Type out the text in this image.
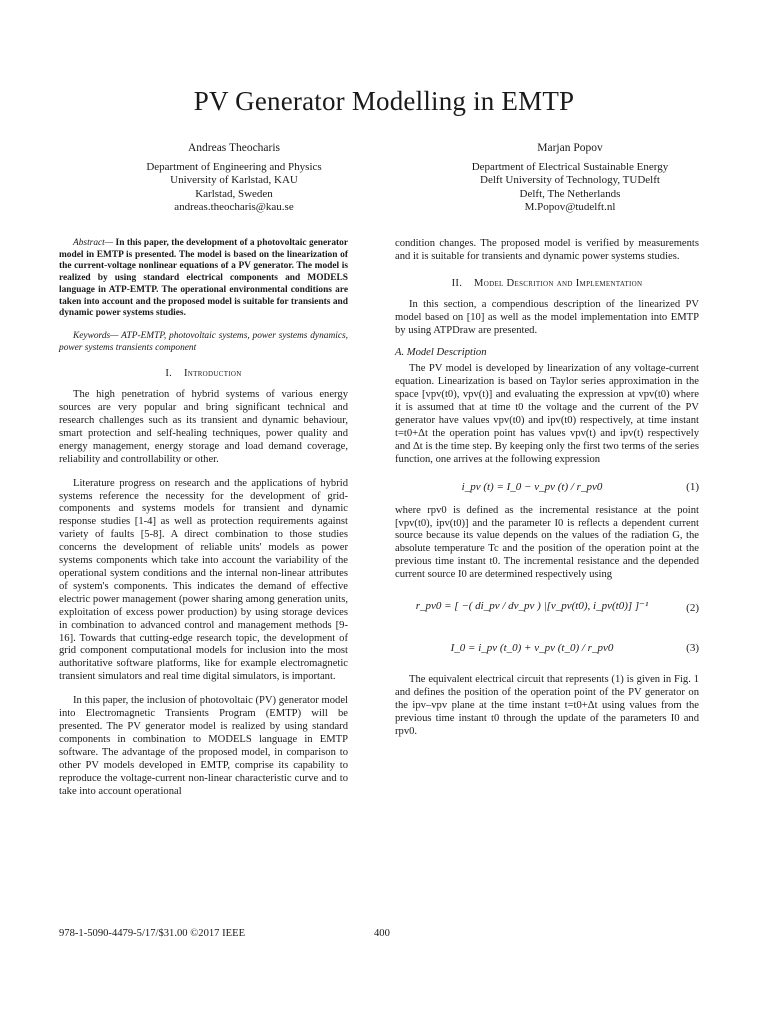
PV Generator Modelling in EMTP
Andreas Theocharis
Department of Engineering and Physics
University of Karlstad, KAU
Karlstad, Sweden
andreas.theocharis@kau.se
Marjan Popov
Department of Electrical Sustainable Energy
Delft University of Technology, TUDelft
Delft, The Netherlands
M.Popov@tudelft.nl

Abstract— In this paper, the development of a photovoltaic generator model in EMTP is presented. The model is based on the linearization of the current-voltage nonlinear equations of a PV generator. The model is realized by using standard electrical components and MODELS language in ATP-EMTP. The operational environmental conditions are taken into account and the proposed model is suitable for transients and dynamic power systems studies.

Keywords— ATP-EMTP, photovoltaic systems, power systems dynamics, power systems transients component

I. Introduction

The high penetration of hybrid systems of various energy sources are very popular and bring significant technical and research challenges such as its transient and dynamic behaviour, smart protection and self-healing techniques, power quality and energy management, energy storage and load demand coverage, reliability and controllability or other.

Literature progress on research and the applications of hybrid systems reference the necessity for the development of grid-components and systems models for transient and dynamic response studies [1-4] as well as protection requirements against variety of faults [5-8]. A direct combination to those studies concerns the development of reliable units' models as power systems components which take into account the variability of the operational system conditions and the internal non-linear attributes of system's components. This indicates the demand of effective electric power management (power sharing among generation units, exploitation of excess power production) by using storage devices in combination to advanced control and management methods [9-16]. Towards that cutting-edge research topic, the development of grid component computational models for inclusion into the most authoritative software platforms, like for example electromagnetic transient simulators and real time digital simulators, is important.

In this paper, the inclusion of photovoltaic (PV) generator model into Electromagnetic Transients Program (EMTP) will be presented. The PV generator model is realized by using standard components in combination to MODELS language in EMTP software. The advantage of the proposed model, in comparison to other PV models developed in EMTP, comprise its capability to reproduce the voltage-current non-linear characteristic curve and to take into account operational

condition changes. The proposed model is verified by measurements and it is suitable for transients and dynamic power systems studies.

II. Model Descrition and Implementation

In this section, a compendious description of the linearized PV model based on [10] as well as the model implementation into EMTP by using ATPDraw are presented.

A. Model Description

The PV model is developed by linearization of any voltage-current equation. Linearization is based on Taylor series approximation in the space [vpv(t0), vpv(t)] and evaluating the expression at vpv(t0) where it is assumed that at time t0 the voltage and the current of the PV generator have values vpv(t0) and ipv(t0) respectively, at time instant t=t0+Δt the operation point has values vpv(t) and ipv(t) respectively and Δt is the time step. By keeping only the first two terms of the series function, one arrives at the following expression

i_pv (t) = I_0 − v_pv (t) / r_pv0	(1)

where rpv0 is defined as the incremental resistance at the point [vpv(t0), ipv(t0)] and the parameter I0 is reflects a dependent current source because its value depends on the values of the radiation G, the absolute temperature Tc and the position of the operation point at the previous time instant t0. The incremental resistance and the depended current source I0 are determined respectively using

r_pv0 = [ −( di_pv / dv_pv ) |[v_pv(t0), i_pv(t0)] ]⁻¹	(2)
I_0 = i_pv (t_0) + v_pv (t_0) / r_pv0	(3)

The equivalent electrical circuit that represents (1) is given in Fig. 1 and defines the position of the operation point of the PV generator on the ipv–vpv plane at the time instant t=t0+Δt using values from the previous time instant t0 through the update of the parameters I0 and rpv0.

978-1-5090-4479-5/17/$31.00 ©2017 IEEE	400
